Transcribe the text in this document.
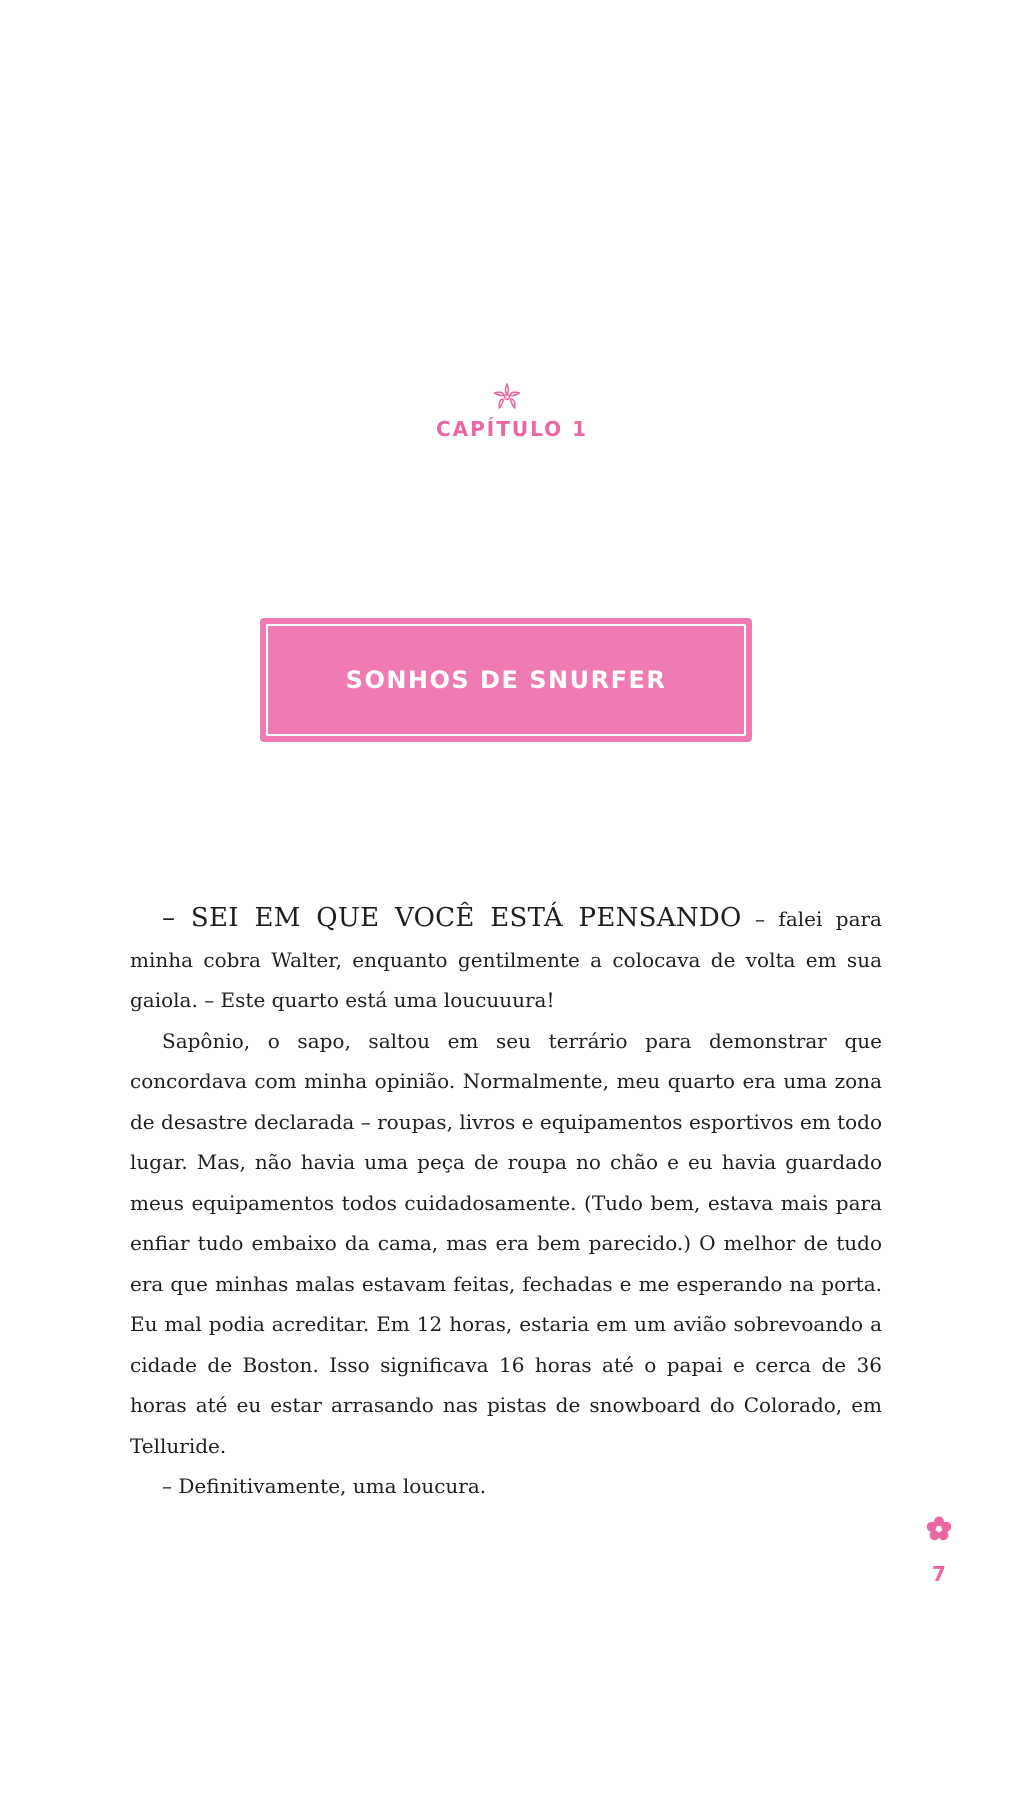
CAPÍTULO 1
SONHOS DE SNURFER

– SEI EM QUE VOCÊ ESTÁ PENSANDO – falei para minha cobra Walter, enquanto gentilmente a colocava de volta em sua gaiola. – Este quarto está uma loucuuura!

Sapônio, o sapo, saltou em seu terrário para demonstrar que concordava com minha opinião. Normalmente, meu quarto era uma zona de desastre declarada – roupas, livros e equipamentos esportivos em todo lugar. Mas, não havia uma peça de roupa no chão e eu havia guardado meus equipamentos todos cuidadosamente. (Tudo bem, estava mais para enfiar tudo embaixo da cama, mas era bem parecido.) O melhor de tudo era que minhas malas estavam feitas, fechadas e me esperando na porta. Eu mal podia acreditar. Em 12 horas, estaria em um avião sobrevoando a cidade de Boston. Isso significava 16 horas até o papai e cerca de 36 horas até eu estar arrasando nas pistas de snowboard do Colorado, em Telluride.

– Definitivamente, uma loucura.

7
